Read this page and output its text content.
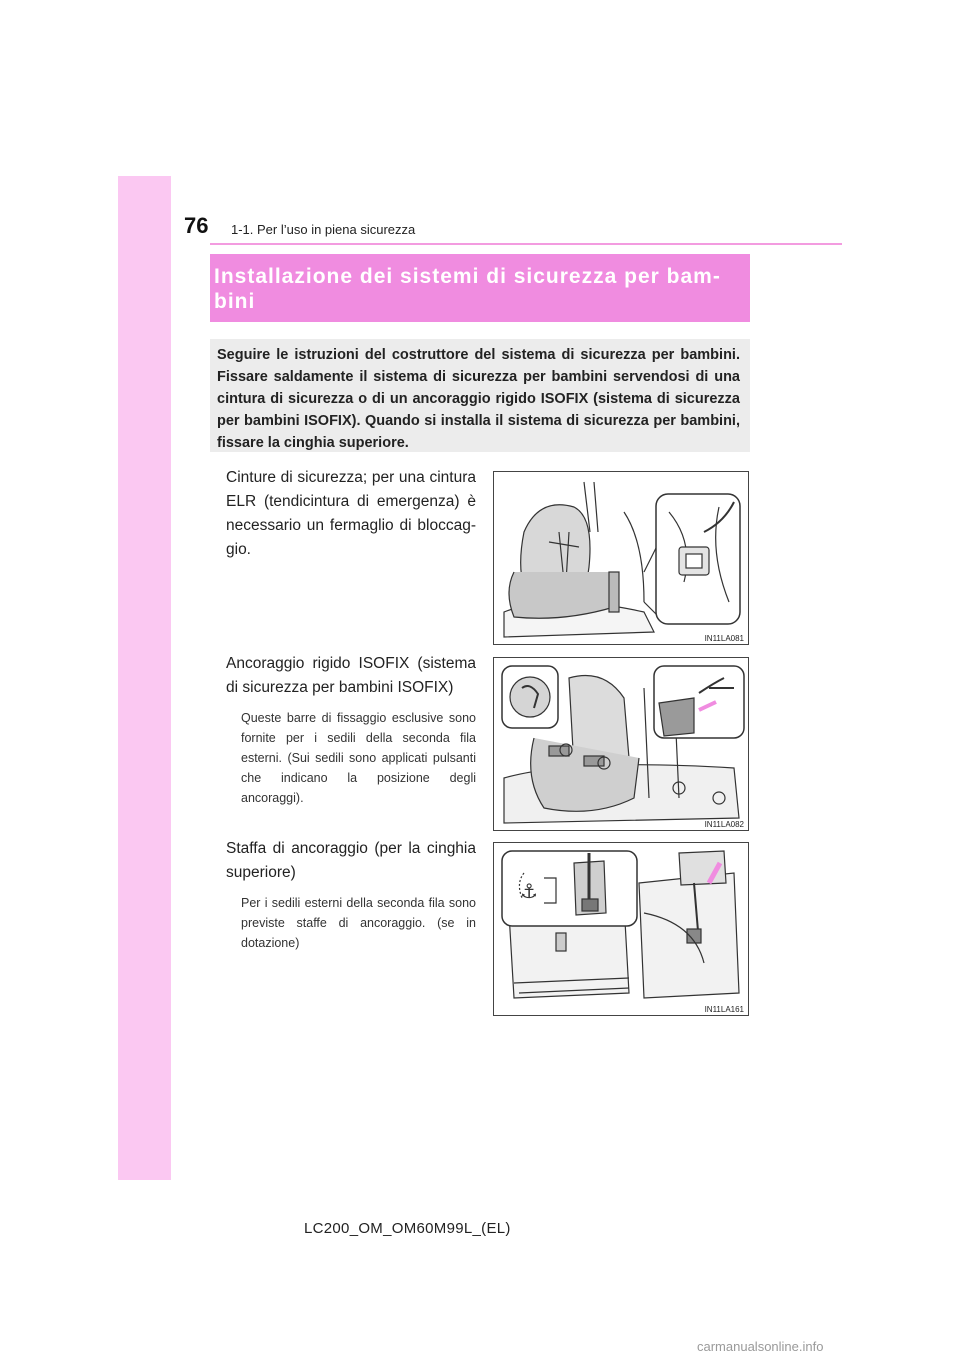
76 1-1. Per l’uso in piena sicurezza
Installazione dei sistemi di sicurezza per bam-bini
Seguire le istruzioni del costruttore del sistema di sicurezza per bambini. Fissare saldamente il sistema di sicurezza per bambini servendosi di una cintura di sicurezza o di un ancoraggio rigido ISOFIX (sistema di sicurezza per bambini ISOFIX). Quando si installa il sistema di sicurezza per bambini, fissare la cinghia superiore.
Cinture di sicurezza; per una cintura ELR (tendicintura di emergenza) è necessario un fermaglio di bloccag-gio.
IN11LA081
Ancoraggio rigido ISOFIX (sistema di sicurezza per bambini ISOFIX)
Queste barre di fissaggio esclusive sono fornite per i sedili della seconda fila esterni. (Sui sedili sono applicati pulsanti che indicano la posizione degli ancoraggi).
IN11LA082
Staffa di ancoraggio (per la cinghia superiore)
Per i sedili esterni della seconda fila sono previste staffe di ancoraggio. (se in dotazione)
⚓
IN11LA161
LC200_OM_OM60M99L_(EL)
carmanualsonline.info
